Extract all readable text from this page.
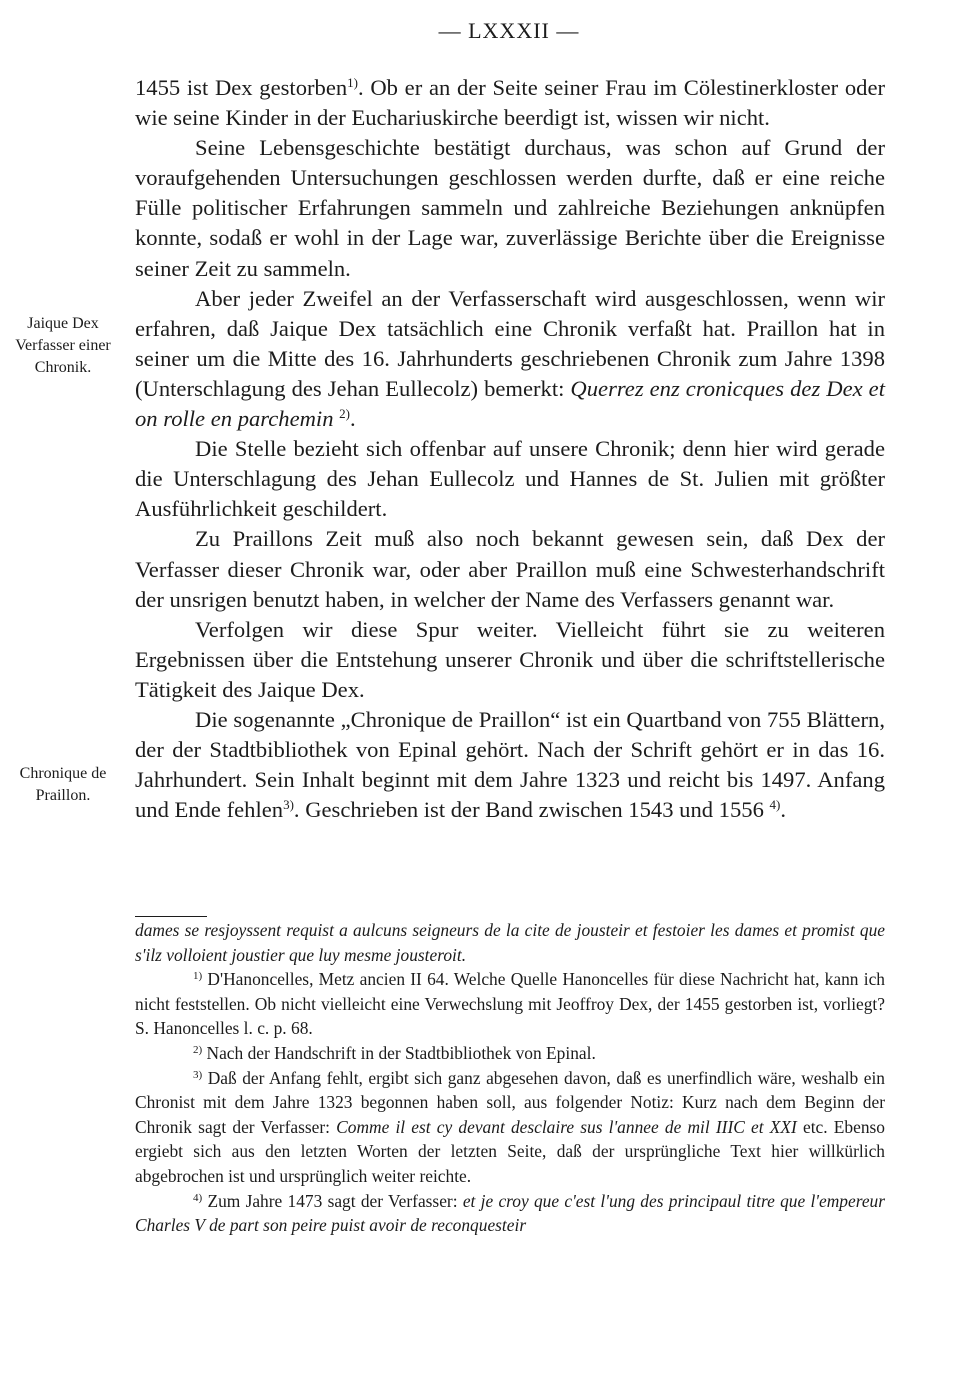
— LXXXII —
Jaique Dex Verfasser einer Chronik.
Chronique de Praillon.

1455 ist Dex gestorben$^{1)}$. Ob er an der Seite seiner Frau im Cölestinerkloster oder wie seine Kinder in der Euchariuskirche beerdigt ist, wissen wir nicht.

Seine Lebensgeschichte bestätigt durchaus, was schon auf Grund der voraufgehenden Untersuchungen geschlossen werden durfte, daß er eine reiche Fülle politischer Erfahrungen sammeln und zahlreiche Beziehungen anknüpfen konnte, sodaß er wohl in der Lage war, zuverlässige Berichte über die Ereignisse seiner Zeit zu sammeln.

Aber jeder Zweifel an der Verfasserschaft wird ausgeschlossen, wenn wir erfahren, daß Jaique Dex tatsächlich eine Chronik verfaßt hat. Praillon hat in seiner um die Mitte des 16. Jahrhunderts geschriebenen Chronik zum Jahre 1398 (Unterschlagung des Jehan Eullecolz) bemerkt: Querrez enz cronicques dez Dex et on rolle en parchemin $^{2)}$.

Die Stelle bezieht sich offenbar auf unsere Chronik; denn hier wird gerade die Unterschlagung des Jehan Eullecolz und Hannes de St. Julien mit größter Ausführlichkeit geschildert.

Zu Praillons Zeit muß also noch bekannt gewesen sein, daß Dex der Verfasser dieser Chronik war, oder aber Praillon muß eine Schwesterhandschrift der unsrigen benutzt haben, in welcher der Name des Verfassers genannt war.

Verfolgen wir diese Spur weiter. Vielleicht führt sie zu weiteren Ergebnissen über die Entstehung unserer Chronik und über die schriftstellerische Tätigkeit des Jaique Dex.

Die sogenannte „Chronique de Praillon“ ist ein Quartband von 755 Blättern, der der Stadtbibliothek von Epinal gehört. Nach der Schrift gehört er in das 16. Jahrhundert. Sein Inhalt beginnt mit dem Jahre 1323 und reicht bis 1497. Anfang und Ende fehlen$^{3)}$. Geschrieben ist der Band zwischen 1543 und 1556 $^{4)}$.

dames se resjoyssent requist a aulcuns seigneurs de la cite de jousteir et festoier les dames et promist que s'ilz volloient joustier que luy mesme jousteroit.

$^{1)}$ D'Hanoncelles, Metz ancien II 64. Welche Quelle Hanoncelles für diese Nachricht hat, kann ich nicht feststellen. Ob nicht vielleicht eine Verwechslung mit Jeoffroy Dex, der 1455 gestorben ist, vorliegt? S. Hanoncelles l. c. p. 68.

$^{2)}$ Nach der Handschrift in der Stadtbibliothek von Epinal.

$^{3)}$ Daß der Anfang fehlt, ergibt sich ganz abgesehen davon, daß es unerfindlich wäre, weshalb ein Chronist mit dem Jahre 1323 begonnen haben soll, aus folgender Notiz: Kurz nach dem Beginn der Chronik sagt der Verfasser: Comme il est cy devant desclaire sus l'annee de mil IIIC et XXI etc. Ebenso ergiebt sich aus den letzten Worten der letzten Seite, daß der ursprüngliche Text hier willkürlich abgebrochen ist und ursprünglich weiter reichte.

$^{4)}$ Zum Jahre 1473 sagt der Verfasser: et je croy que c'est l'ung des principaul titre que l'empereur Charles V de part son peire puist avoir de reconquesteir
